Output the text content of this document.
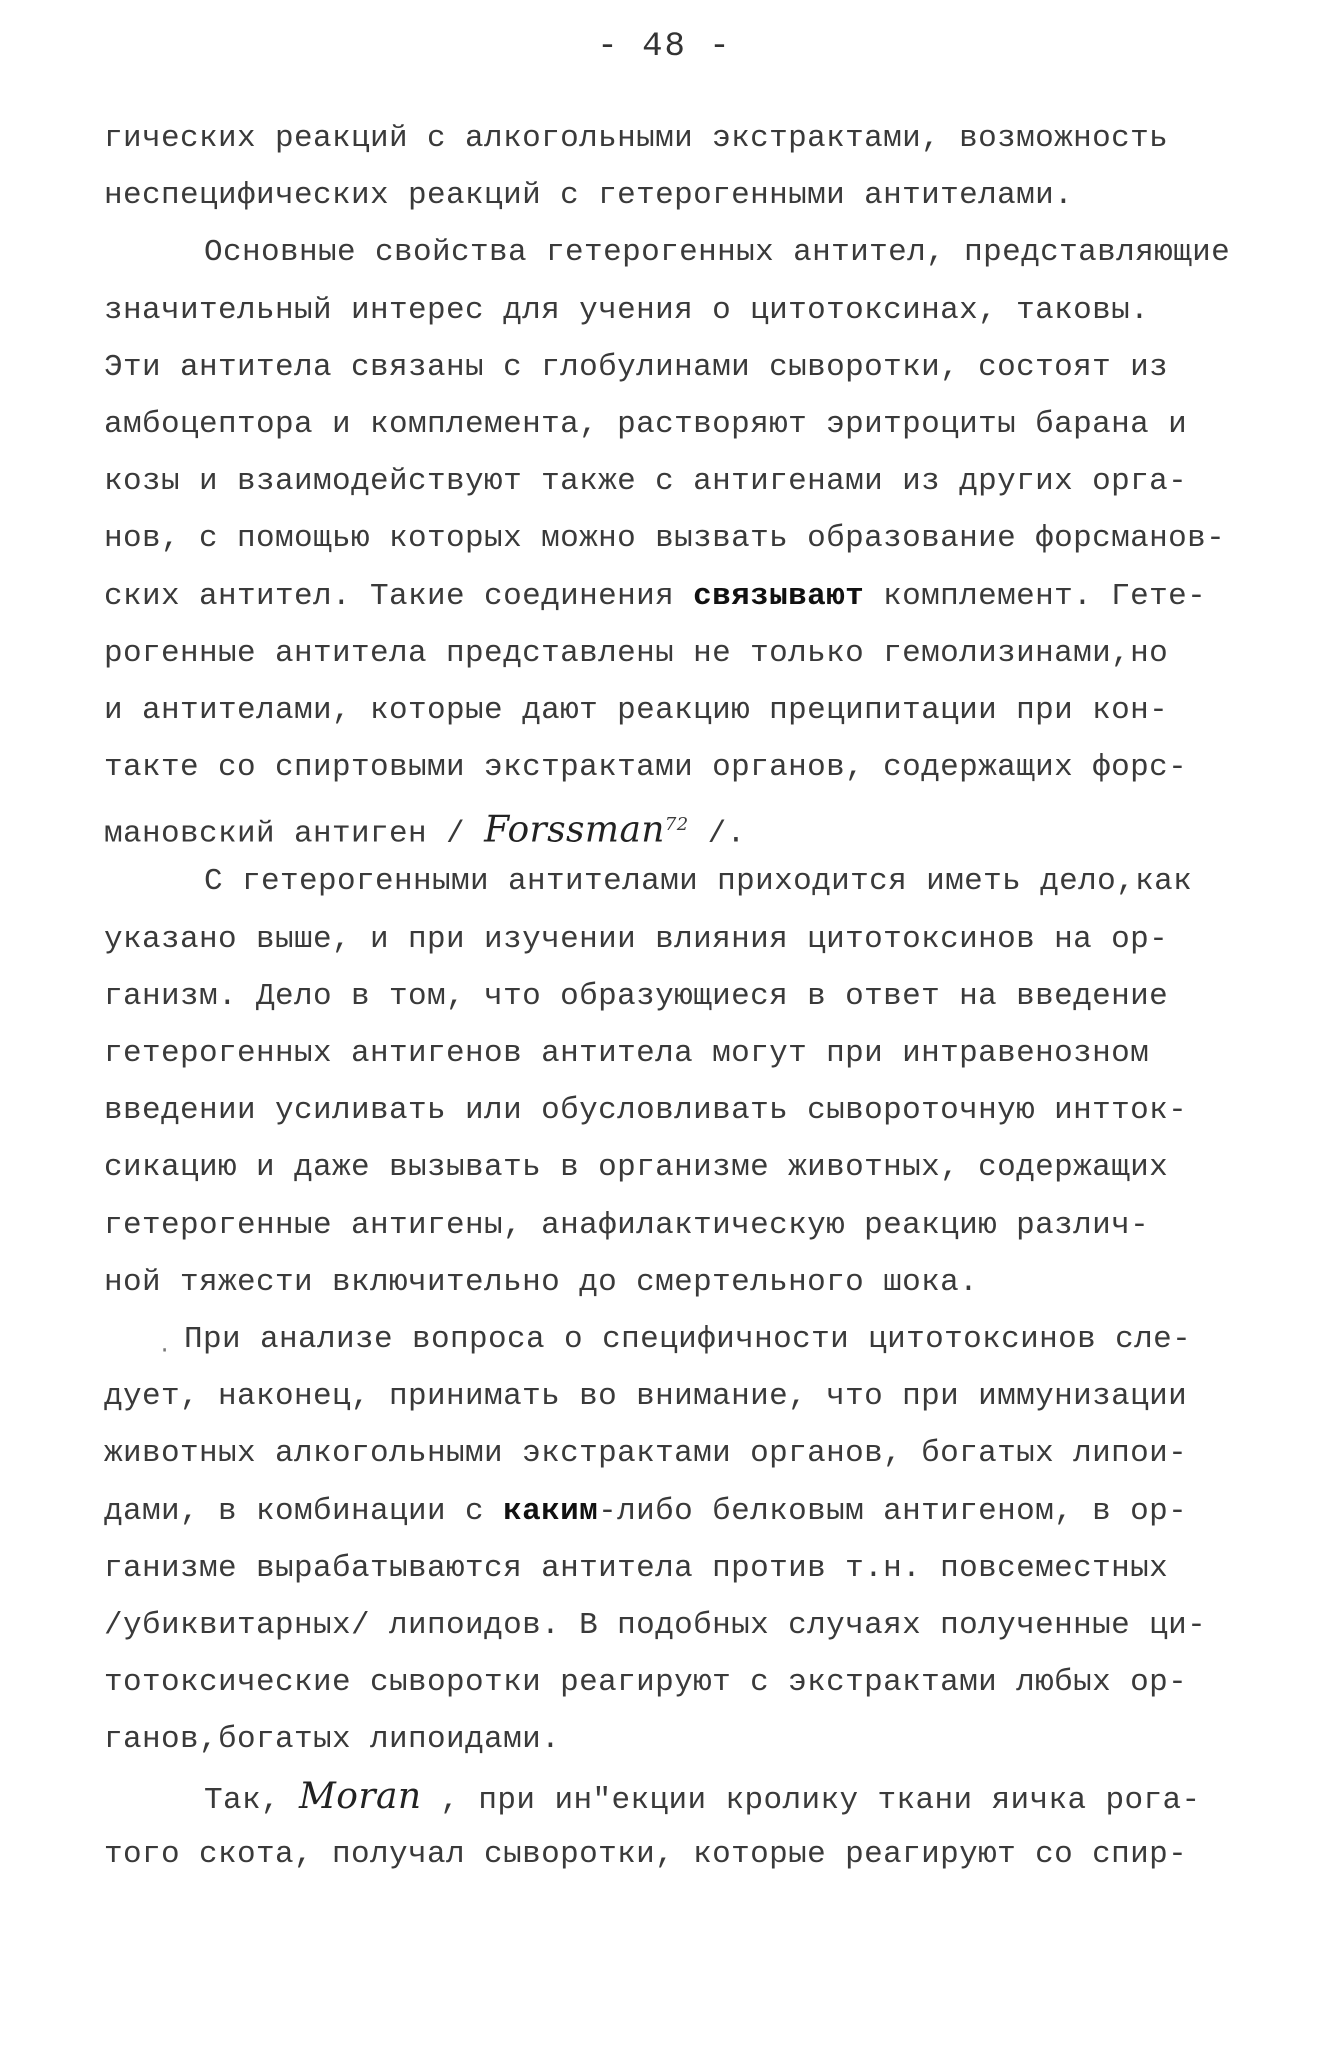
- 48 -
·
гических реакций с алкогольными экстрактами, возможность
неспецифических реакций с гетерогенными антителами.
Основные свойства гетерогенных антител, представляющие
значительный интерес для учения о цитотоксинах, таковы.
Эти антитела связаны с глобулинами сыворотки, состоят из
амбоцептора и комплемента, растворяют эритроциты барана и
козы и взаимодействуют также с антигенами из других орга-
нов, с помощью которых можно вызвать образование форсманов-
ских антител. Такие соединения связывают комплемент. Гете-
рогенные антитела представлены не только гемолизинами,но
и антителами, которые дают реакцию преципитации при кон-
такте со спиртовыми экстрактами органов, содержащих форс-
мановский антиген / Forssman$^{72}$ /.
С гетерогенными антителами приходится иметь дело,как
указано выше, и при изучении влияния цитотоксинов на ор-
ганизм. Дело в том, что образующиеся в ответ на введение
гетерогенных антигенов антитела могут при интравенозном
введении усиливать или обусловливать сывороточную интток-
сикацию и даже вызывать в организме животных, содержащих
гетерогенные антигены, анафилактическую реакцию различ-
ной тяжести включительно до смертельного шока.
При анализе вопроса о специфичности цитотоксинов сле-
дует, наконец, принимать во внимание, что при иммунизации
животных алкогольными экстрактами органов, богатых липои-
дами, в комбинации с каким-либо белковым антигеном, в ор-
ганизме вырабатываются антитела против т.н. повсеместных
/убиквитарных/ липоидов. В подобных случаях полученные ци-
тотоксические сыворотки реагируют с экстрактами любых ор-
ганов,богатых липоидами.
Так, Moran , при ин"екции кролику ткани яичка рога-
того скота, получал сыворотки, которые реагируют со спир-
